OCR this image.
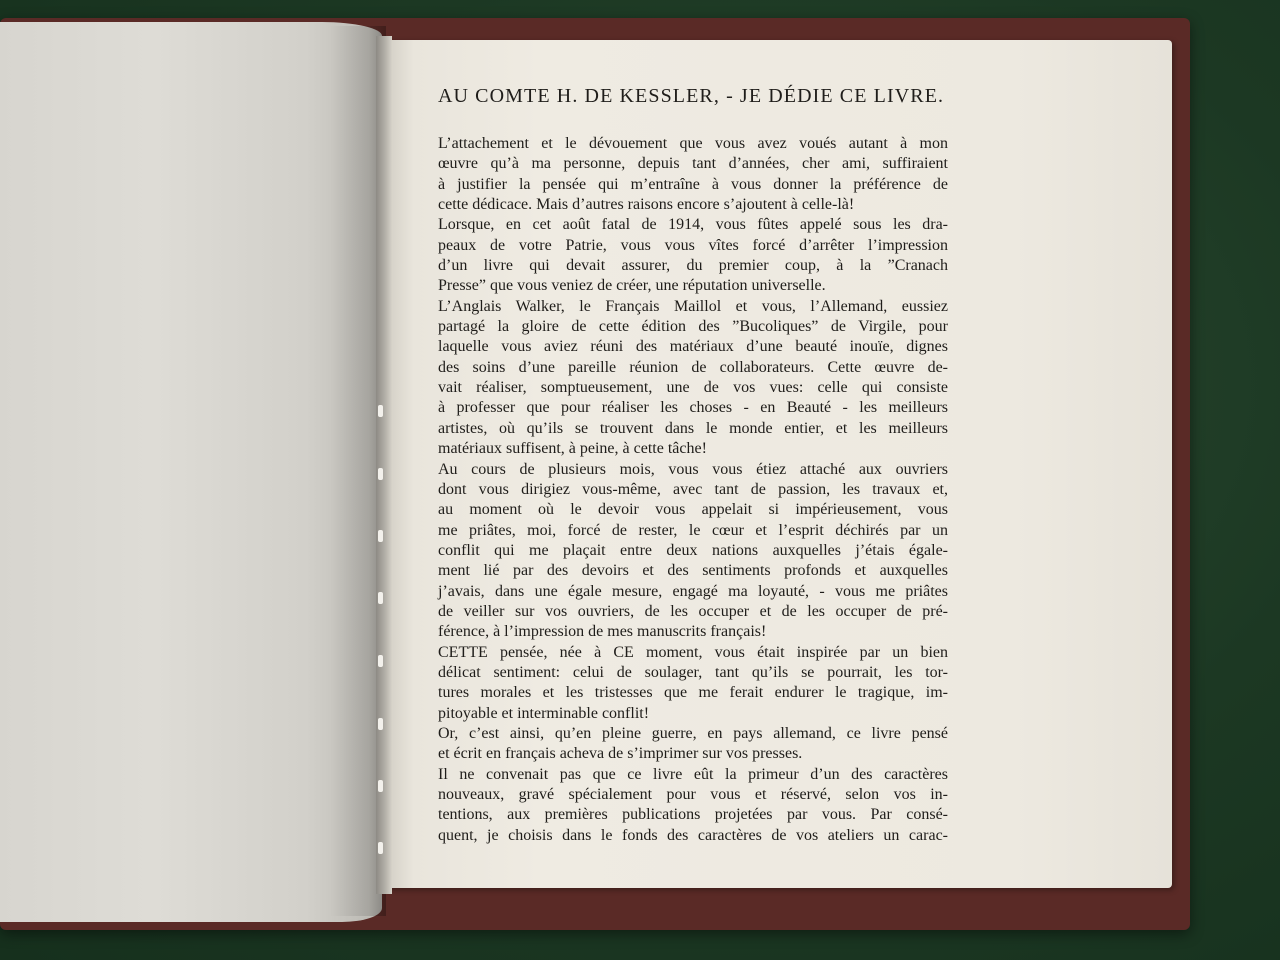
AU COMTE H. DE KESSLER, - JE DÉDIE CE LIVRE.
L’attachement et le dévouement que vous avez voués autant à mon
œuvre qu’à ma personne, depuis tant d’années, cher ami, suffiraient
à justifier la pensée qui m’entraîne à vous donner la préférence de
cette dédicace. Mais d’autres raisons encore s’ajoutent à celle-là!
Lorsque, en cet août fatal de 1914, vous fûtes appelé sous les dra-
peaux de votre Patrie, vous vous vîtes forcé d’arrêter l’impression
d’un livre qui devait assurer, du premier coup, à la ”Cranach
Presse” que vous veniez de créer, une réputation universelle.
L’Anglais Walker, le Français Maillol et vous, l’Allemand, eussiez
partagé la gloire de cette édition des ”Bucoliques” de Virgile, pour
laquelle vous aviez réuni des matériaux d’une beauté inouïe, dignes
des soins d’une pareille réunion de collaborateurs. Cette œuvre de-
vait réaliser, somptueusement, une de vos vues: celle qui consiste
à professer que pour réaliser les choses - en Beauté - les meilleurs
artistes, où qu’ils se trouvent dans le monde entier, et les meilleurs
matériaux suffisent, à peine, à cette tâche!
Au cours de plusieurs mois, vous vous étiez attaché aux ouvriers
dont vous dirigiez vous-même, avec tant de passion, les travaux et,
au moment où le devoir vous appelait si impérieusement, vous
me priâtes, moi, forcé de rester, le cœur et l’esprit déchirés par un
conflit qui me plaçait entre deux nations auxquelles j’étais égale-
ment lié par des devoirs et des sentiments profonds et auxquelles
j’avais, dans une égale mesure, engagé ma loyauté, - vous me priâtes
de veiller sur vos ouvriers, de les occuper et de les occuper de pré-
férence, à l’impression de mes manuscrits français!
CETTE pensée, née à CE moment, vous était inspirée par un bien
délicat sentiment: celui de soulager, tant qu’ils se pourrait, les tor-
tures morales et les tristesses que me ferait endurer le tragique, im-
pitoyable et interminable conflit!
Or, c’est ainsi, qu’en pleine guerre, en pays allemand, ce livre pensé
et écrit en français acheva de s’imprimer sur vos presses.
Il ne convenait pas que ce livre eût la primeur d’un des caractères
nouveaux, gravé spécialement pour vous et réservé, selon vos in-
tentions, aux premières publications projetées par vous. Par consé-
quent, je choisis dans le fonds des caractères de vos ateliers un carac-
